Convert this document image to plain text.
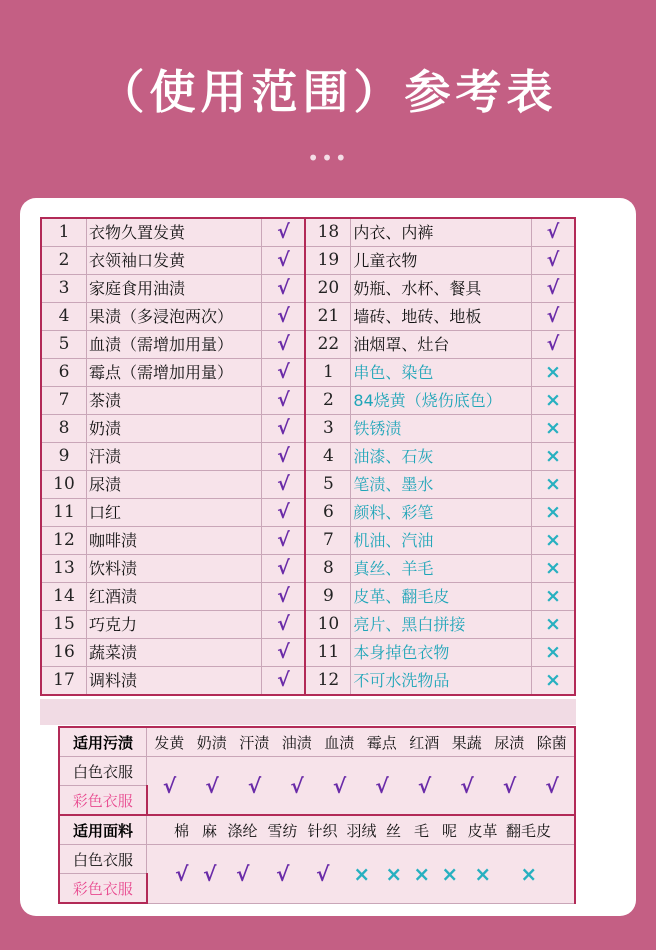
（使用范围）参考表
•••
1	衣物久置发黄	√	18	内衣、内裤	√
2	衣领袖口发黄	√	19	儿童衣物	√
3	家庭食用油渍	√	20	奶瓶、水杯、餐具	√
4	果渍（多浸泡两次）	√	21	墙砖、地砖、地板	√
5	血渍（需增加用量）	√	22	油烟罩、灶台	√
6	霉点（需增加用量）	√	1	串色、染色	×
7	茶渍	√	2	84烧黄（烧伤底色）	×
8	奶渍	√	3	铁锈渍	×
9	汗渍	√	4	油漆、石灰	×
10	尿渍	√	5	笔渍、墨水	×
11	口红	√	6	颜料、彩笔	×
12	咖啡渍	√	7	机油、汽油	×
13	饮料渍	√	8	真丝、羊毛	×
14	红酒渍	√	9	皮革、翻毛皮	×
15	巧克力	√	10	亮片、黑白拼接	×
16	蔬菜渍	√	11	本身掉色衣物	×
17	调料渍	√	12	不可水洗物品	×
适用污渍	发黄 奶渍 汗渍 油渍 血渍 霉点 红酒 果蔬 尿渍 除菌
白色衣服	√ √ √ √ √ √ √ √ √ √
彩色衣服	
适用面料	棉 麻 涤纶 雪纺 针织 羽绒 丝 毛 呢 皮革 翻毛皮
白色衣服	√ √ √ √ √ × × × × × ×
彩色衣服	
